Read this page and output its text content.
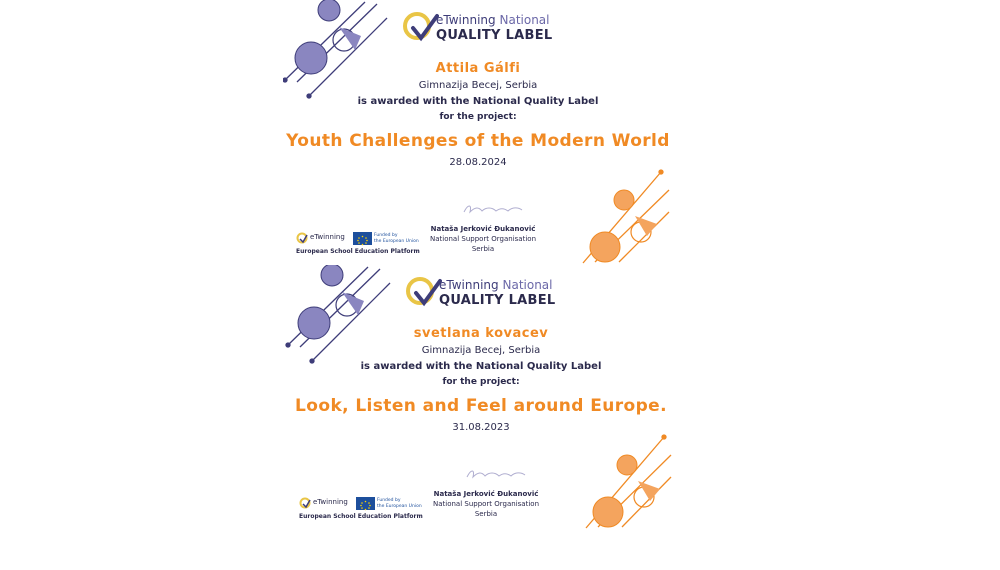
eTwinning National
QUALITY LABEL
Attila Gálfi
Gimnazija Becej, Serbia
is awarded with the National Quality Label
for the project:
Youth Challenges of the Modern World
28.08.2024
Nataša Jerković Đukanović
National Support Organisation
Serbia
eTwinning	Funded by
the European Union
European School Education Platform
eTwinning National
QUALITY LABEL
svetlana kovacev
Gimnazija Becej, Serbia
is awarded with the National Quality Label
for the project:
Look, Listen and Feel around Europe.
31.08.2023
Nataša Jerković Đukanović
National Support Organisation
Serbia
eTwinning	Funded by
the European Union
European School Education Platform
